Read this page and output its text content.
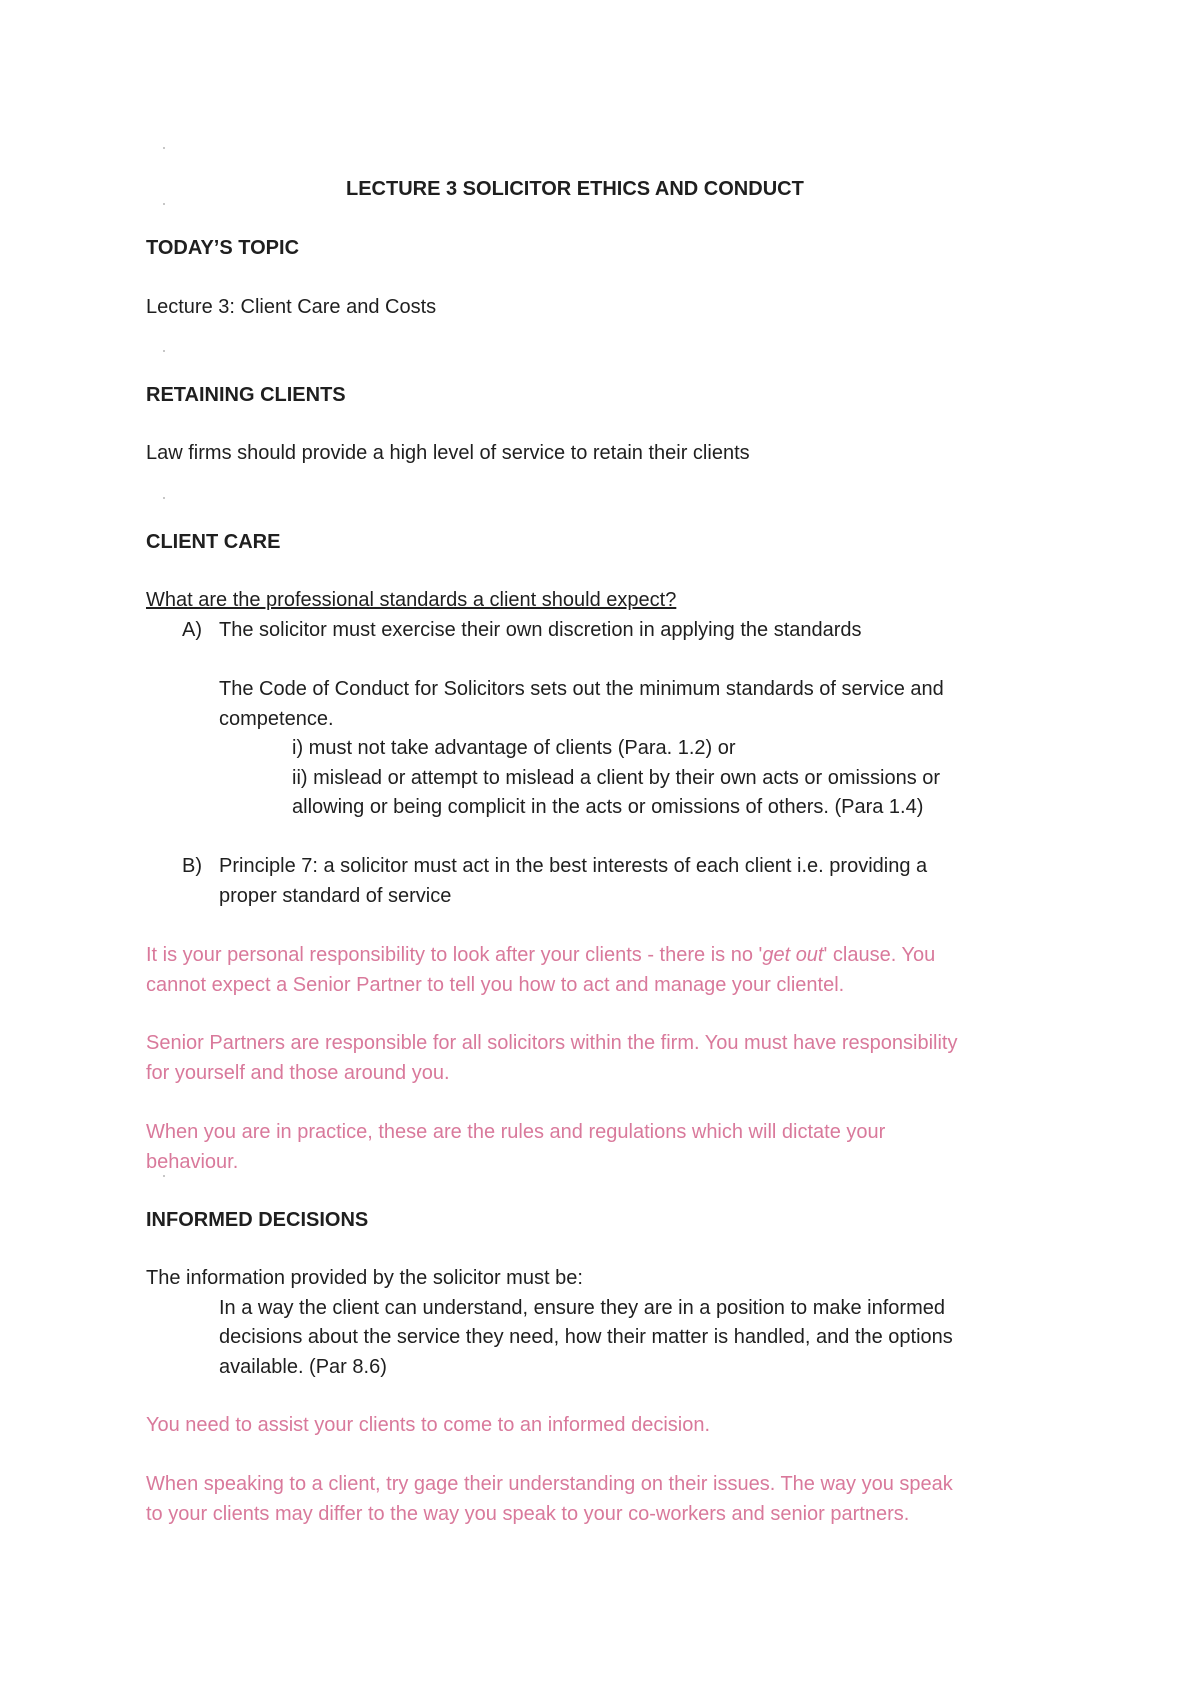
LECTURE 3 SOLICITOR ETHICS AND CONDUCT
TODAY’S TOPIC
Lecture 3: Client Care and Costs
RETAINING CLIENTS
Law firms should provide a high level of service to retain their clients
CLIENT CARE
What are the professional standards a client should expect?
A) The solicitor must exercise their own discretion in applying the standards
The Code of Conduct for Solicitors sets out the minimum standards of service and
competence.
i) must not take advantage of clients (Para. 1.2) or
ii) mislead or attempt to mislead a client by their own acts or omissions or
allowing or being complicit in the acts or omissions of others. (Para 1.4)
B) Principle 7: a solicitor must act in the best interests of each client i.e. providing a
proper standard of service
It is your personal responsibility to look after your clients - there is no 'get out' clause. You
cannot expect a Senior Partner to tell you how to act and manage your clientel.
Senior Partners are responsible for all solicitors within the firm. You must have responsibility
for yourself and those around you.
When you are in practice, these are the rules and regulations which will dictate your
behaviour.
INFORMED DECISIONS
The information provided by the solicitor must be:
In a way the client can understand, ensure they are in a position to make informed
decisions about the service they need, how their matter is handled, and the options
available. (Par 8.6)
You need to assist your clients to come to an informed decision.
When speaking to a client, try gage their understanding on their issues. The way you speak
to your clients may differ to the way you speak to your co-workers and senior partners.
